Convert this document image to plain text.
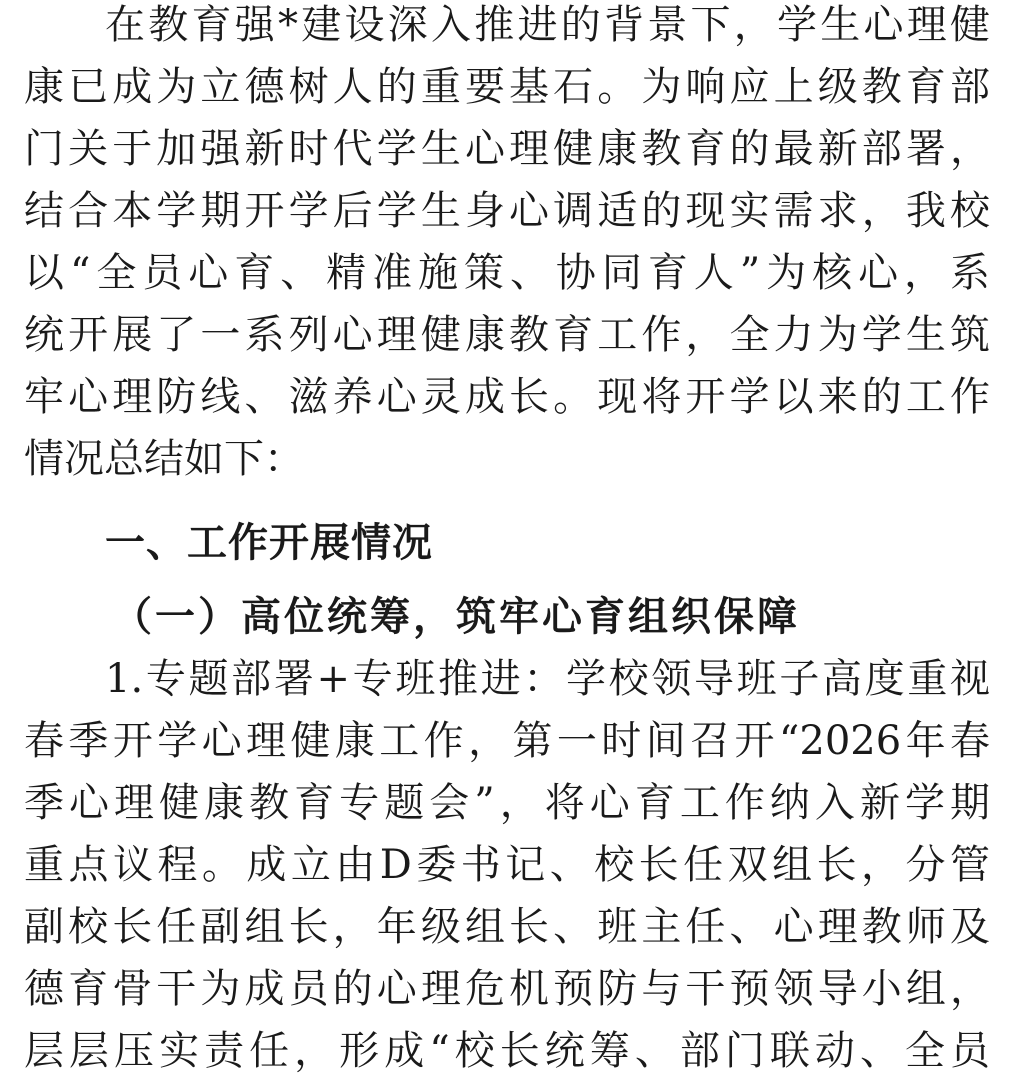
在教育强*建设深入推进的背景下，学生心理健

康已成为立德树人的重要基石。为响应上级教育部

门关于加强新时代学生心理健康教育的最新部署，

结合本学期开学后学生身心调适的现实需求，我校

以“全员心育、精准施策、协同育人”为核心，系

统开展了一系列心理健康教育工作，全力为学生筑

牢心理防线、滋养心灵成长。现将开学以来的工作

情况总结如下：

一、工作开展情况
（一）高位统筹，筑牢心育组织保障

1.专题部署+专班推进：学校领导班子高度重视

春季开学心理健康工作，第一时间召开“2026年春

季心理健康教育专题会”，将心育工作纳入新学期

重点议程。成立由D委书记、校长任双组长，分管

副校长任副组长，年级组长、班主任、心理教师及

德育骨干为成员的心理危机预防与干预领导小组，

层层压实责任，形成“校长统筹、部门联动、全员
